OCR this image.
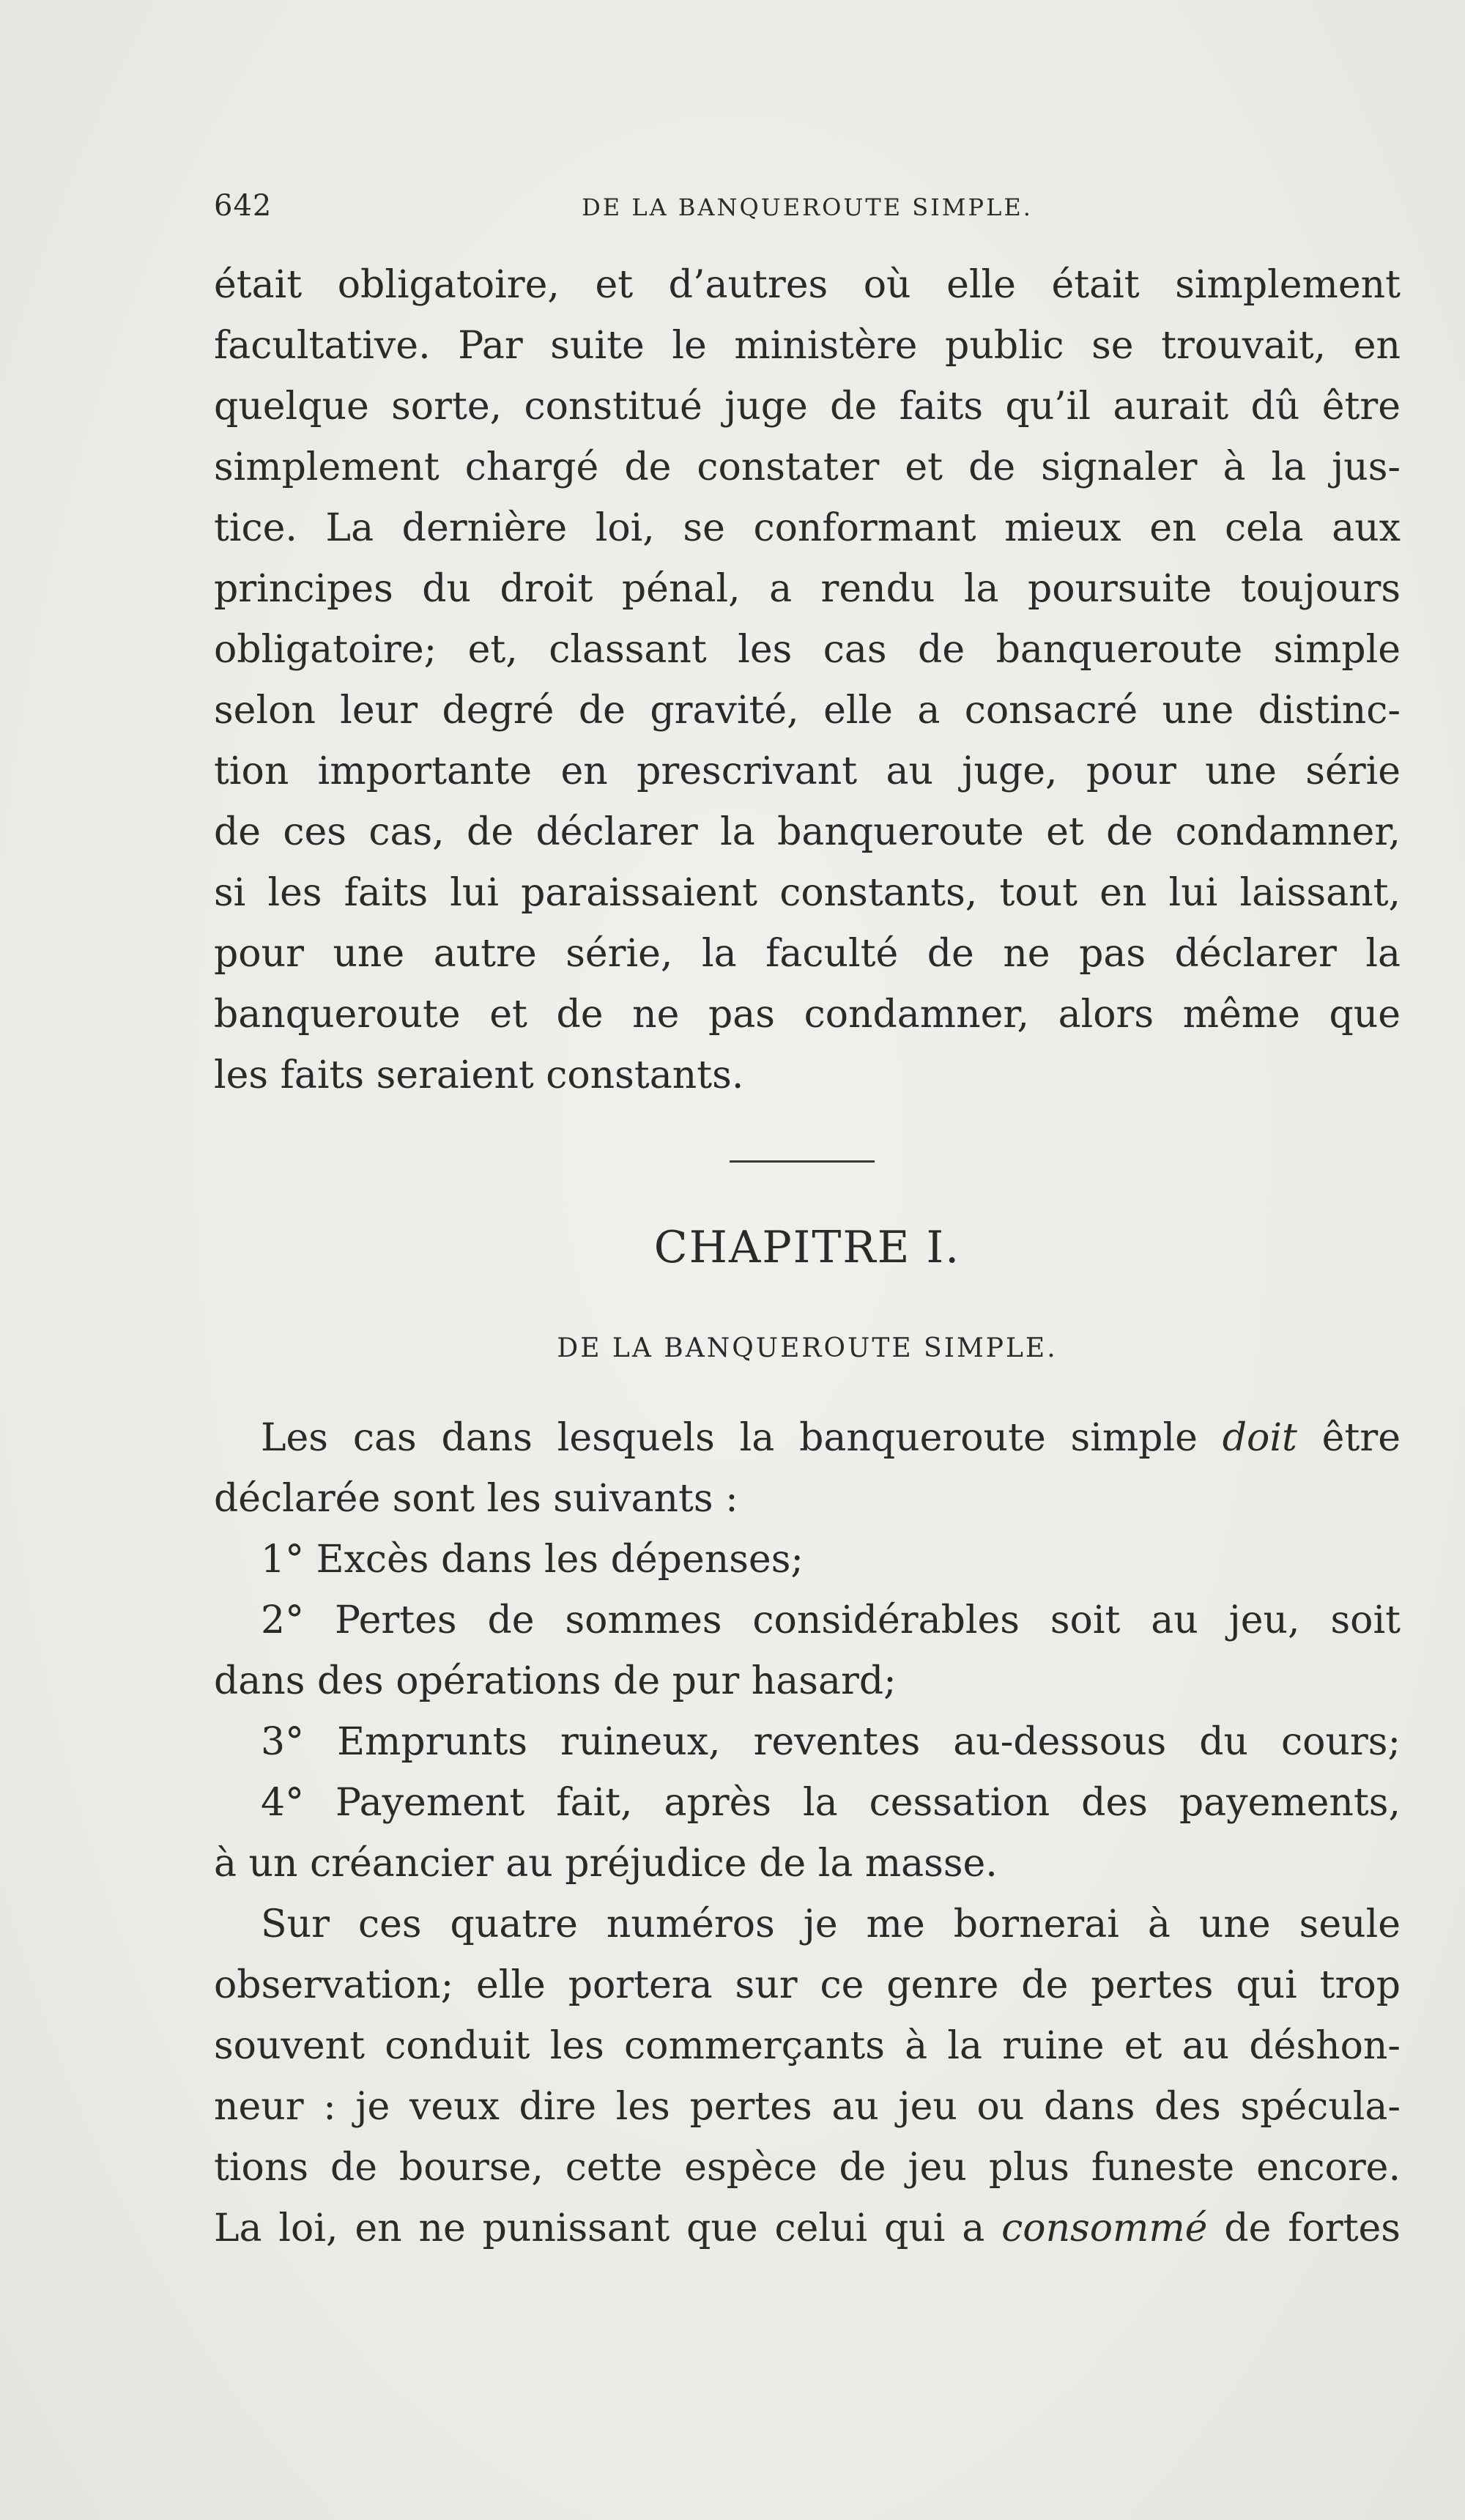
642	DE LA BANQUEROUTE SIMPLE.
était obligatoire, et d’autres où elle était simplement
facultative. Par suite le ministère public se trouvait, en
quelque sorte, constitué juge de faits qu’il aurait dû être
simplement chargé de constater et de signaler à la jus-
tice. La dernière loi, se conformant mieux en cela aux
principes du droit pénal, a rendu la poursuite toujours
obligatoire; et, classant les cas de banqueroute simple
selon leur degré de gravité, elle a consacré une distinc-
tion importante en prescrivant au juge, pour une série
de ces cas, de déclarer la banqueroute et de condamner,
si les faits lui paraissaient constants, tout en lui laissant,
pour une autre série, la faculté de ne pas déclarer la
banqueroute et de ne pas condamner, alors même que
les faits seraient constants.
CHAPITRE I.
DE LA BANQUEROUTE SIMPLE.
Les cas dans lesquels la banqueroute simple doit être
déclarée sont les suivants :
1° Excès dans les dépenses;
2° Pertes de sommes considérables soit au jeu, soit
dans des opérations de pur hasard;
3° Emprunts ruineux, reventes au-dessous du cours;
4° Payement fait, après la cessation des payements,
à un créancier au préjudice de la masse.
Sur ces quatre numéros je me bornerai à une seule
observation; elle portera sur ce genre de pertes qui trop
souvent conduit les commerçants à la ruine et au déshon-
neur : je veux dire les pertes au jeu ou dans des spécula-
tions de bourse, cette espèce de jeu plus funeste encore.
La loi, en ne punissant que celui qui a consommé de fortes
